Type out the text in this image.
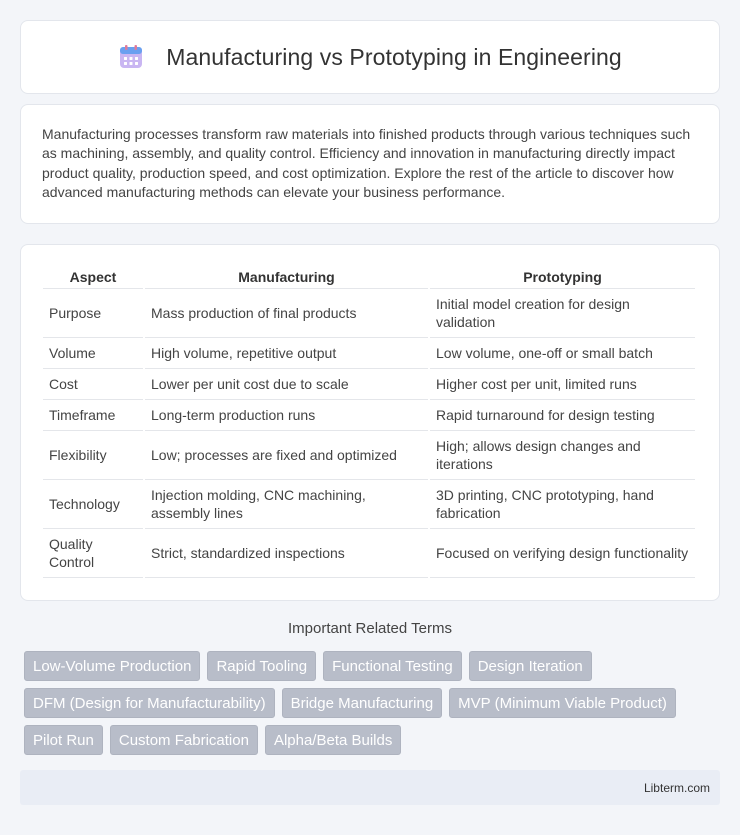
Manufacturing vs Prototyping in Engineering

Manufacturing processes transform raw materials into finished products through various techniques such as machining, assembly, and quality control. Efficiency and innovation in manufacturing directly impact product quality, production speed, and cost optimization. Explore the rest of the article to discover how advanced manufacturing methods can elevate your business performance.

Aspect	Manufacturing	Prototyping
Purpose	Mass production of final products	Initial model creation for design validation
Volume	High volume, repetitive output	Low volume, one-off or small batch
Cost	Lower per unit cost due to scale	Higher cost per unit, limited runs
Timeframe	Long-term production runs	Rapid turnaround for design testing
Flexibility	Low; processes are fixed and optimized	High; allows design changes and iterations
Technology	Injection molding, CNC machining, assembly lines	3D printing, CNC prototyping, hand fabrication
Quality Control	Strict, standardized inspections	Focused on verifying design functionality
Important Related Terms
Low-Volume Production	Rapid Tooling	Functional Testing	Design Iteration
DFM (Design for Manufacturability)	Bridge Manufacturing	MVP (Minimum Viable Product)
Pilot Run	Custom Fabrication	Alpha/Beta Builds
Libterm.com
